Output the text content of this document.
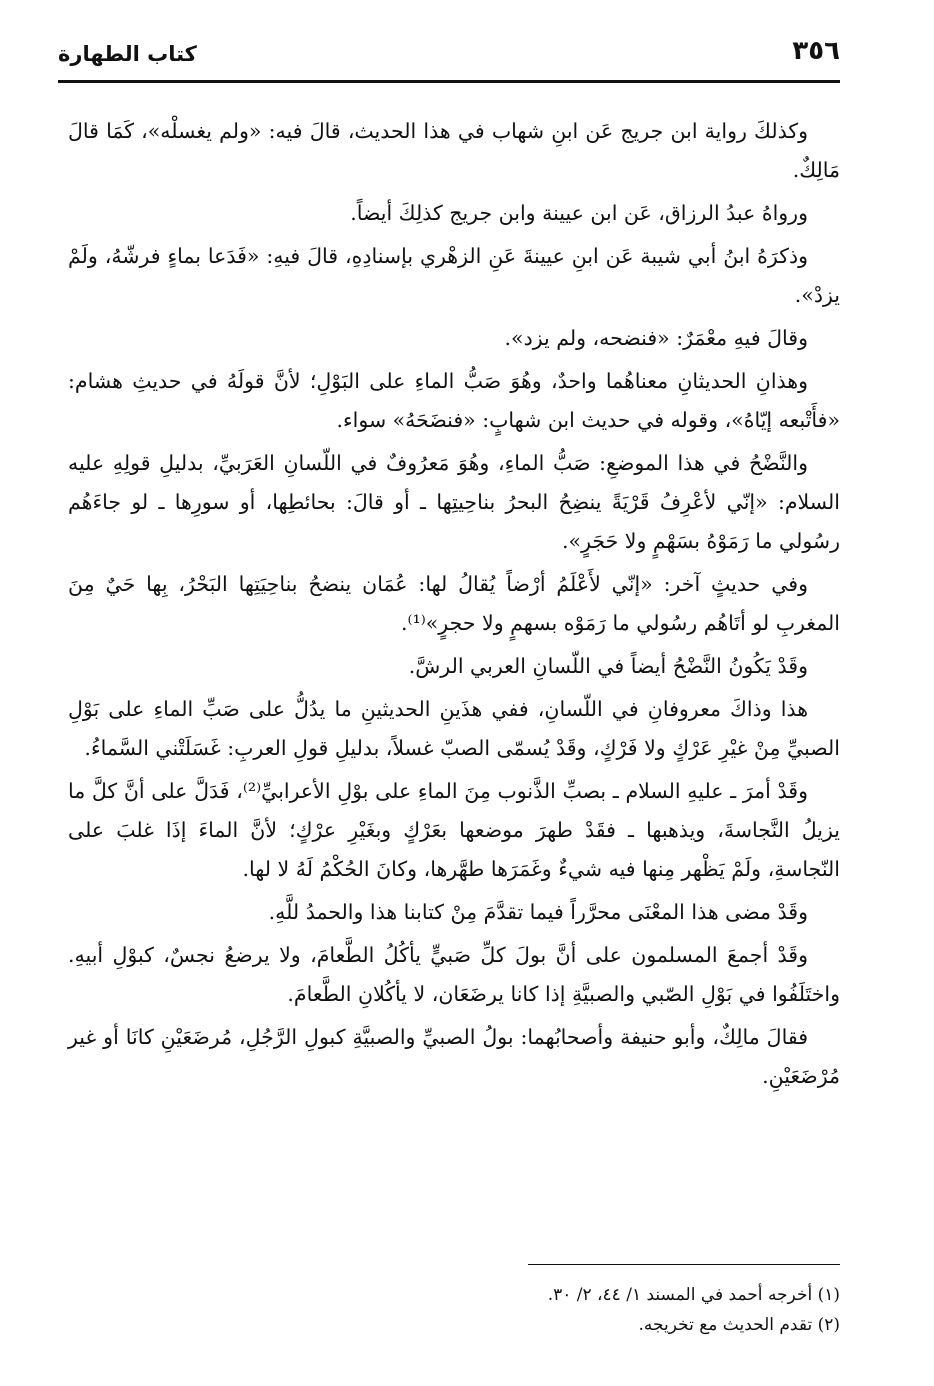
٣٥٦
كتاب الطهارة

وكذلكَ رواية ابن جريج عَن ابنِ شهاب في هذا الحديث، قالَ فيه: «ولم يغسلْه»، كَمَا قالَ مَالِكٌ.

ورواهُ عبدُ الرزاق، عَن ابن عيينة وابن جريج كذلِكَ أيضاً.

وذكرَهُ ابنُ أبي شيبة عَن ابنِ عيينةَ عَنِ الزهْري بإسنادِهِ، قالَ فيهِ: «فَدَعا بماءٍ فرشّهُ، ولَمْ يزدْ».

وقالَ فيهِ معْمَرٌ: «فنضحه، ولم يزد».

وهذانِ الحديثانِ معناهُما واحدٌ، وهُوَ صَبُّ الماءِ على البَوْلِ؛ لأنَّ قولَهُ في حديثِ هشام: «فأَتْبعه إيّاهُ»، وقوله في حديث ابن شهابٍ: «فنضَحَهُ» سواء.

والنَّضْحُ في هذا الموضعِ: صَبُّ الماءِ، وهُوَ مَعرُوفٌ في اللّسانِ العَرَبيِّ، بدليلِ قولِهِ عليه السلام: «إنّي لأعْرِفُ قَرْيَةً ينضِحُ البحرُ بناحِيتِها ـ أو قالَ: بحائطِها، أو سورِها ـ لو جاءَهُم رسُولي ما رَمَوْهُ بسَهْمٍ ولا حَجَرٍ».

وفي حديثٍ آخر: «إنّي لأَعْلَمُ أرْضاً يُقالُ لها: عُمَان ينضحُ بناحِيَتِها البَحْرُ، بِها حَيٌ مِنَ المغربِ لو أتَاهُم رسُولي ما رَمَوْه بسهمٍ ولا حجرٍ»⁽¹⁾.

وقَدْ يَكُونُ النَّضْحُ أيضاً في اللّسانِ العربي الرشَّ.

هذا وذاكَ معروفانِ في اللّسانِ، ففي هذَينِ الحديثينِ ما يدُلُّ على صَبِّ الماءِ على بَوْلِ الصبيِّ مِنْ غيْرِ عَرْكٍ ولا فَرْكٍ، وقَدْ يُسمّى الصبّ غسلاً، بدليلِ قولِ العربِ: غَسَلَتْني السَّماءُ.

وقَدْ أمرَ ـ عليهِ السلام ـ بصبِّ الذَّنوب مِنَ الماءِ على بوْلِ الأعرابيِّ⁽²⁾، فَدَلَّ على أنَّ كلَّ ما يزيلُ النَّجاسةَ، ويذهبها ـ فقَدْ طهرَ موضعها بعَرْكٍ وبغَيْرِ عرْكٍ؛ لأنَّ الماءَ إذَا غلبَ على النّجاسةِ، ولَمْ يَظْهر مِنها فيه شيءٌ وغَمَرَها طهَّرها، وكانَ الحُكْمُ لَهُ لا لها.

وقَدْ مضى هذا المعْنَى محرَّراً فيما تقدَّمَ مِنْ كتابنا هذا والحمدُ للَّهِ.

وقَدْ أجمعَ المسلمون على أنَّ بولَ كلِّ صَبيٍّ يأكُلُ الطَّعامَ، ولا يرضعُ نجسٌ، كبوْلِ أبيهِ. واختَلَفُوا في بَوْلِ الصّبي والصبيَّةِ إذا كانا يرضَعَان، لا يأكُلانِ الطَّعامَ.

فقالَ مالِكٌ، وأبو حنيفة وأصحابُهما: بولُ الصبيِّ والصبيَّةِ كبولِ الرَّجُلِ، مُرضَعَيْنِ كانَا أو غير مُرْضَعَيْنِ.

(١) أخرجه أحمد في المسند ١/ ٤٤، ٢/ ٣٠.
(٢) تقدم الحديث مع تخريجه.
